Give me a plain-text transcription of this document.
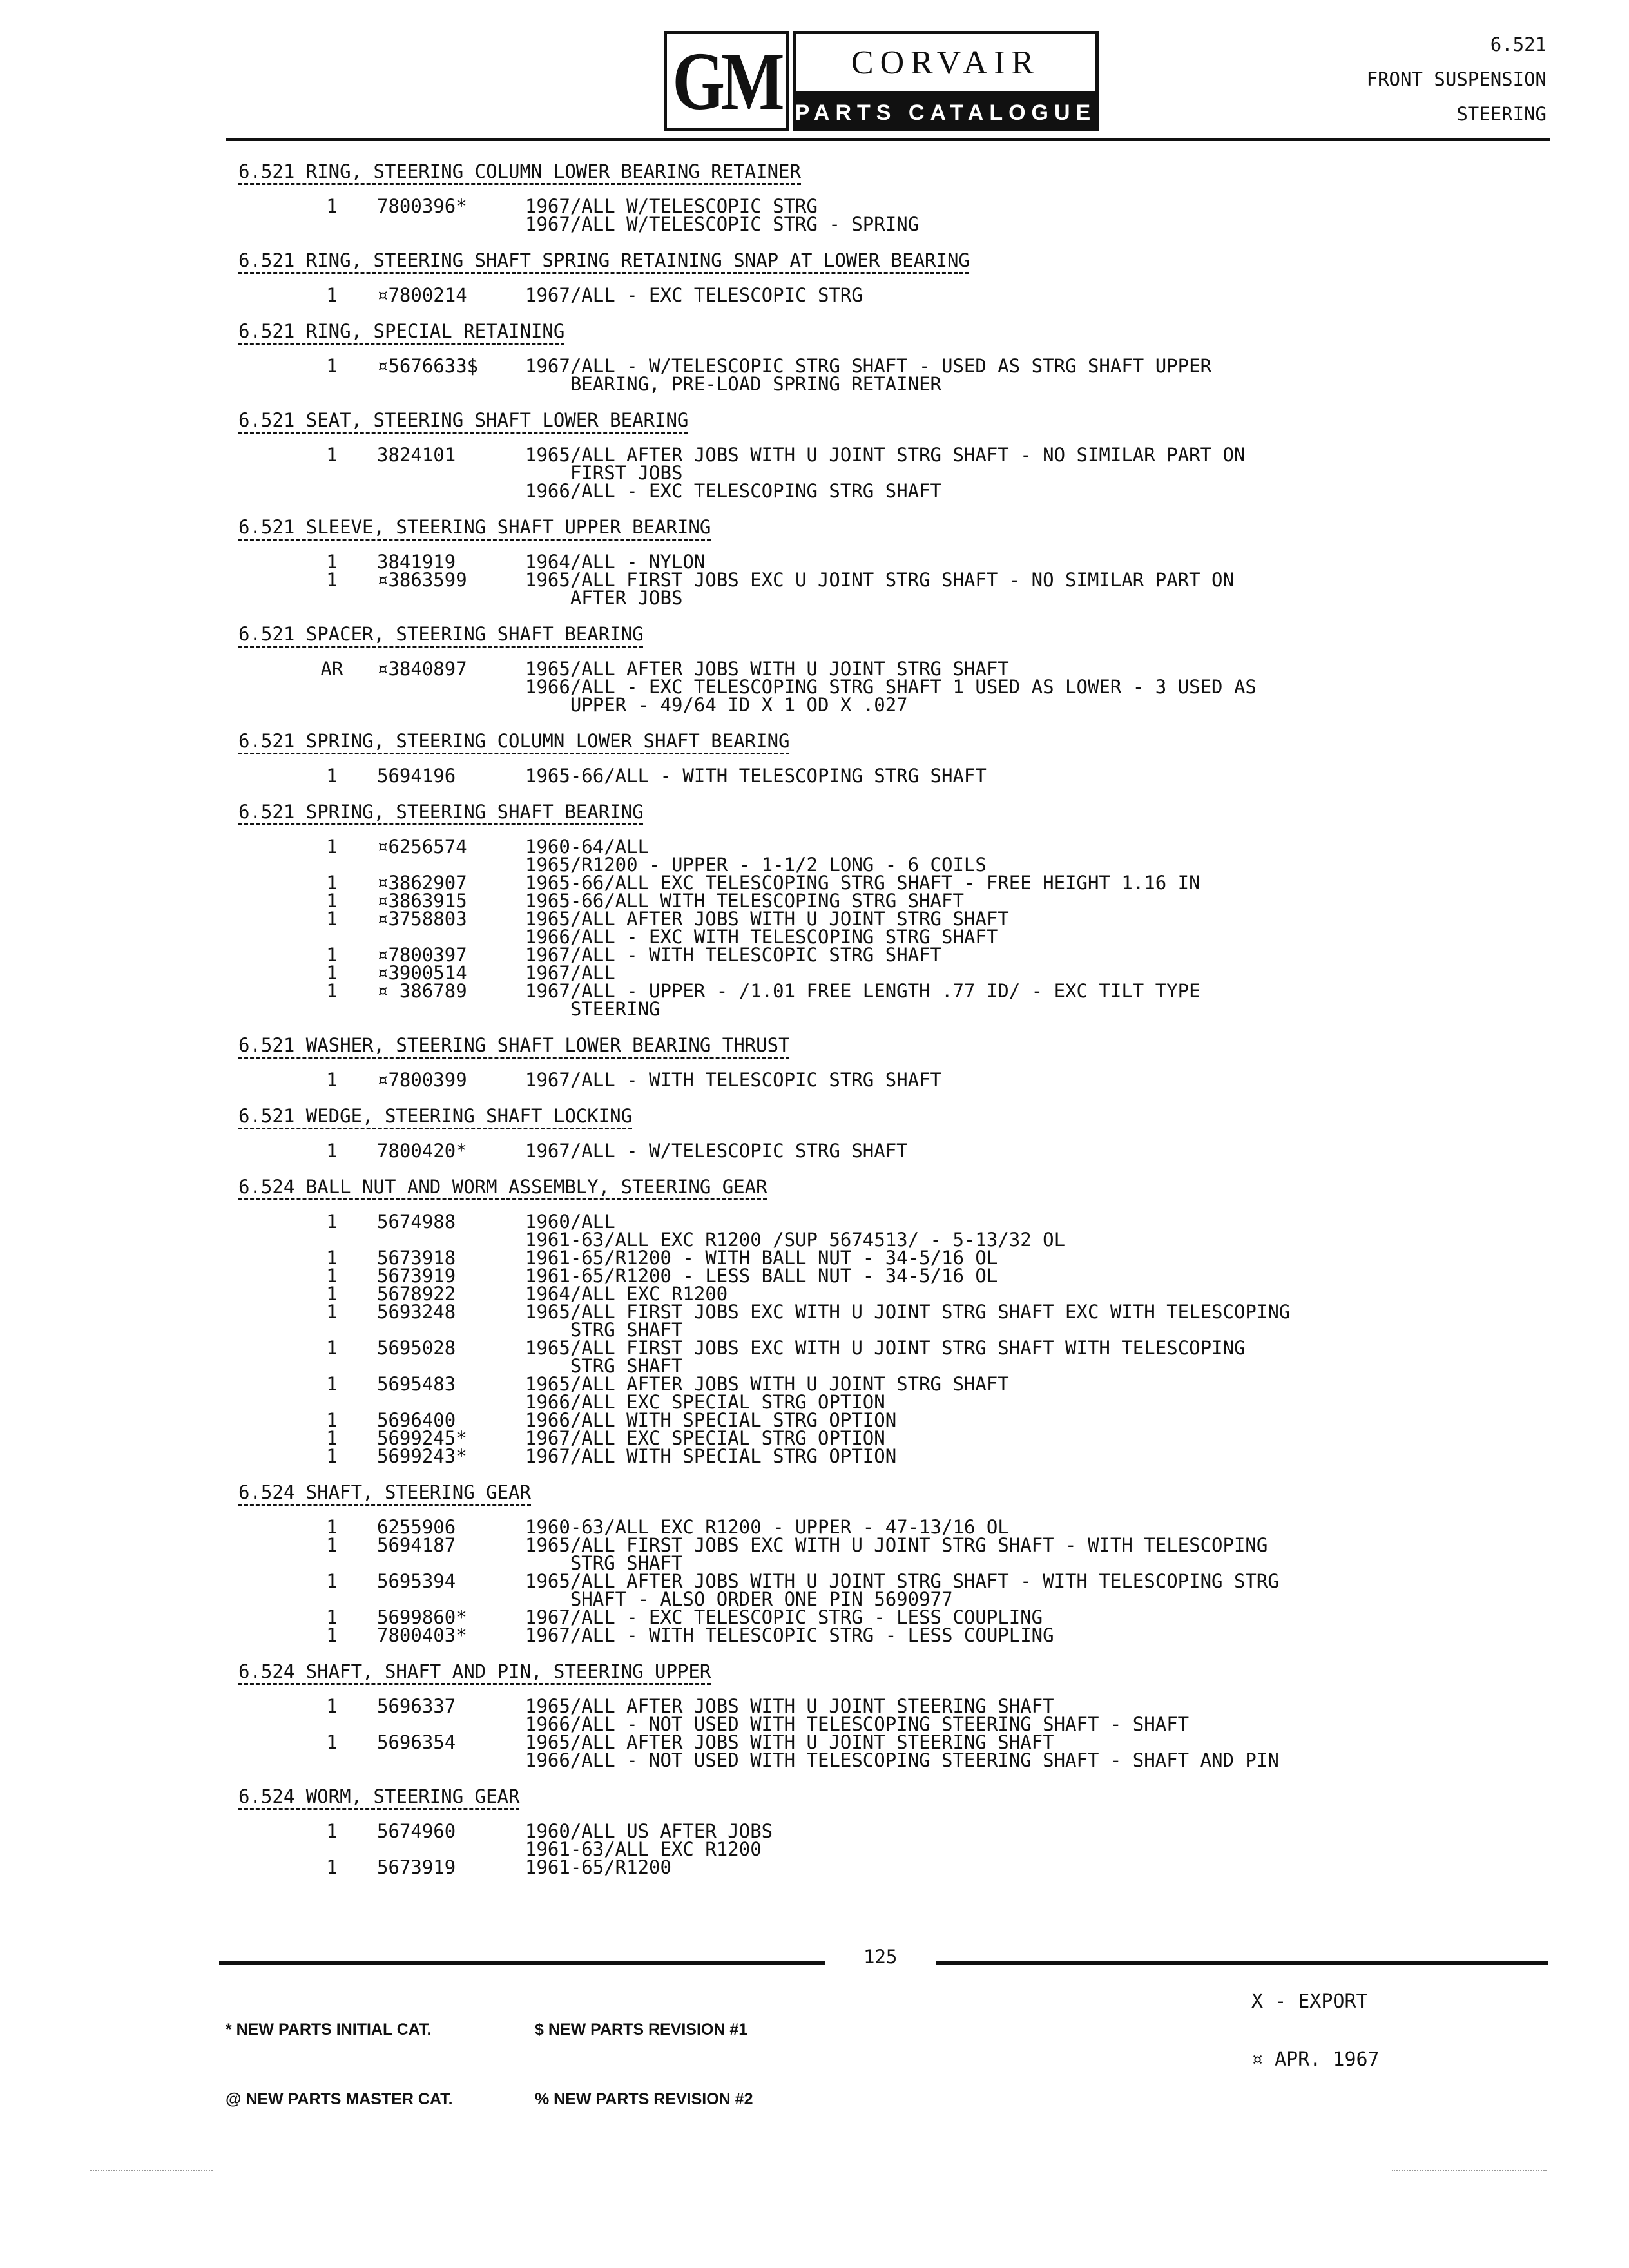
GM CORVAIR
PARTS CATALOGUE
6.521
FRONT SUSPENSION
STEERING
6.521 RING, STEERING COLUMN LOWER BEARING RETAINER
1	7800396*	1967/ALL W/TELESCOPIC STRG
1967/ALL W/TELESCOPIC STRG - SPRING
6.521 RING, STEERING SHAFT SPRING RETAINING SNAP AT LOWER BEARING
1	¤7800214	1967/ALL - EXC TELESCOPIC STRG
6.521 RING, SPECIAL RETAINING
1	¤5676633$	1967/ALL - W/TELESCOPIC STRG SHAFT - USED AS STRG SHAFT UPPER
BEARING, PRE-LOAD SPRING RETAINER
6.521 SEAT, STEERING SHAFT LOWER BEARING
1	3824101	1965/ALL AFTER JOBS WITH U JOINT STRG SHAFT - NO SIMILAR PART ON
FIRST JOBS
1966/ALL - EXC TELESCOPING STRG SHAFT
6.521 SLEEVE, STEERING SHAFT UPPER BEARING
1	3841919	1964/ALL - NYLON
1	¤3863599	1965/ALL FIRST JOBS EXC U JOINT STRG SHAFT - NO SIMILAR PART ON
AFTER JOBS
6.521 SPACER, STEERING SHAFT BEARING
AR	¤3840897	1965/ALL AFTER JOBS WITH U JOINT STRG SHAFT
1966/ALL - EXC TELESCOPING STRG SHAFT 1 USED AS LOWER - 3 USED AS
UPPER - 49/64 ID X 1 OD X .027
6.521 SPRING, STEERING COLUMN LOWER SHAFT BEARING
1	5694196	1965-66/ALL - WITH TELESCOPING STRG SHAFT
6.521 SPRING, STEERING SHAFT BEARING
1	¤6256574	1960-64/ALL
1965/R1200 - UPPER - 1-1/2 LONG - 6 COILS
1	¤3862907	1965-66/ALL EXC TELESCOPING STRG SHAFT - FREE HEIGHT 1.16 IN
1	¤3863915	1965-66/ALL WITH TELESCOPING STRG SHAFT
1	¤3758803	1965/ALL AFTER JOBS WITH U JOINT STRG SHAFT
1966/ALL - EXC WITH TELESCOPING STRG SHAFT
1	¤7800397	1967/ALL - WITH TELESCOPIC STRG SHAFT
1	¤3900514	1967/ALL
1	¤ 386789	1967/ALL - UPPER - /1.01 FREE LENGTH .77 ID/ - EXC TILT TYPE
STEERING
6.521 WASHER, STEERING SHAFT LOWER BEARING THRUST
1	¤7800399	1967/ALL - WITH TELESCOPIC STRG SHAFT
6.521 WEDGE, STEERING SHAFT LOCKING
1	7800420*	1967/ALL - W/TELESCOPIC STRG SHAFT
6.524 BALL NUT AND WORM ASSEMBLY, STEERING GEAR
1	5674988	1960/ALL
1961-63/ALL EXC R1200 /SUP 5674513/ - 5-13/32 OL
1	5673918	1961-65/R1200 - WITH BALL NUT - 34-5/16 OL
1	5673919	1961-65/R1200 - LESS BALL NUT - 34-5/16 OL
1	5678922	1964/ALL EXC R1200
1	5693248	1965/ALL FIRST JOBS EXC WITH U JOINT STRG SHAFT EXC WITH TELESCOPING
STRG SHAFT
1	5695028	1965/ALL FIRST JOBS EXC WITH U JOINT STRG SHAFT WITH TELESCOPING
STRG SHAFT
1	5695483	1965/ALL AFTER JOBS WITH U JOINT STRG SHAFT
1966/ALL EXC SPECIAL STRG OPTION
1	5696400	1966/ALL WITH SPECIAL STRG OPTION
1	5699245*	1967/ALL EXC SPECIAL STRG OPTION
1	5699243*	1967/ALL WITH SPECIAL STRG OPTION
6.524 SHAFT, STEERING GEAR
1	6255906	1960-63/ALL EXC R1200 - UPPER - 47-13/16 OL
1	5694187	1965/ALL FIRST JOBS EXC WITH U JOINT STRG SHAFT - WITH TELESCOPING
STRG SHAFT
1	5695394	1965/ALL AFTER JOBS WITH U JOINT STRG SHAFT - WITH TELESCOPING STRG
SHAFT - ALSO ORDER ONE PIN 5690977
1	5699860*	1967/ALL - EXC TELESCOPIC STRG - LESS COUPLING
1	7800403*	1967/ALL - WITH TELESCOPIC STRG - LESS COUPLING
6.524 SHAFT, SHAFT AND PIN, STEERING UPPER
1	5696337	1965/ALL AFTER JOBS WITH U JOINT STEERING SHAFT
1966/ALL - NOT USED WITH TELESCOPING STEERING SHAFT - SHAFT
1	5696354	1965/ALL AFTER JOBS WITH U JOINT STEERING SHAFT
1966/ALL - NOT USED WITH TELESCOPING STEERING SHAFT - SHAFT AND PIN
6.524 WORM, STEERING GEAR
1	5674960	1960/ALL US AFTER JOBS
1961-63/ALL EXC R1200
1	5673919	1961-65/R1200
125

* NEW PARTS INITIAL CAT.

@ NEW PARTS MASTER CAT.

$ NEW PARTS REVISION #1

% NEW PARTS REVISION #2

X - EXPORT

¤ APR. 1967
